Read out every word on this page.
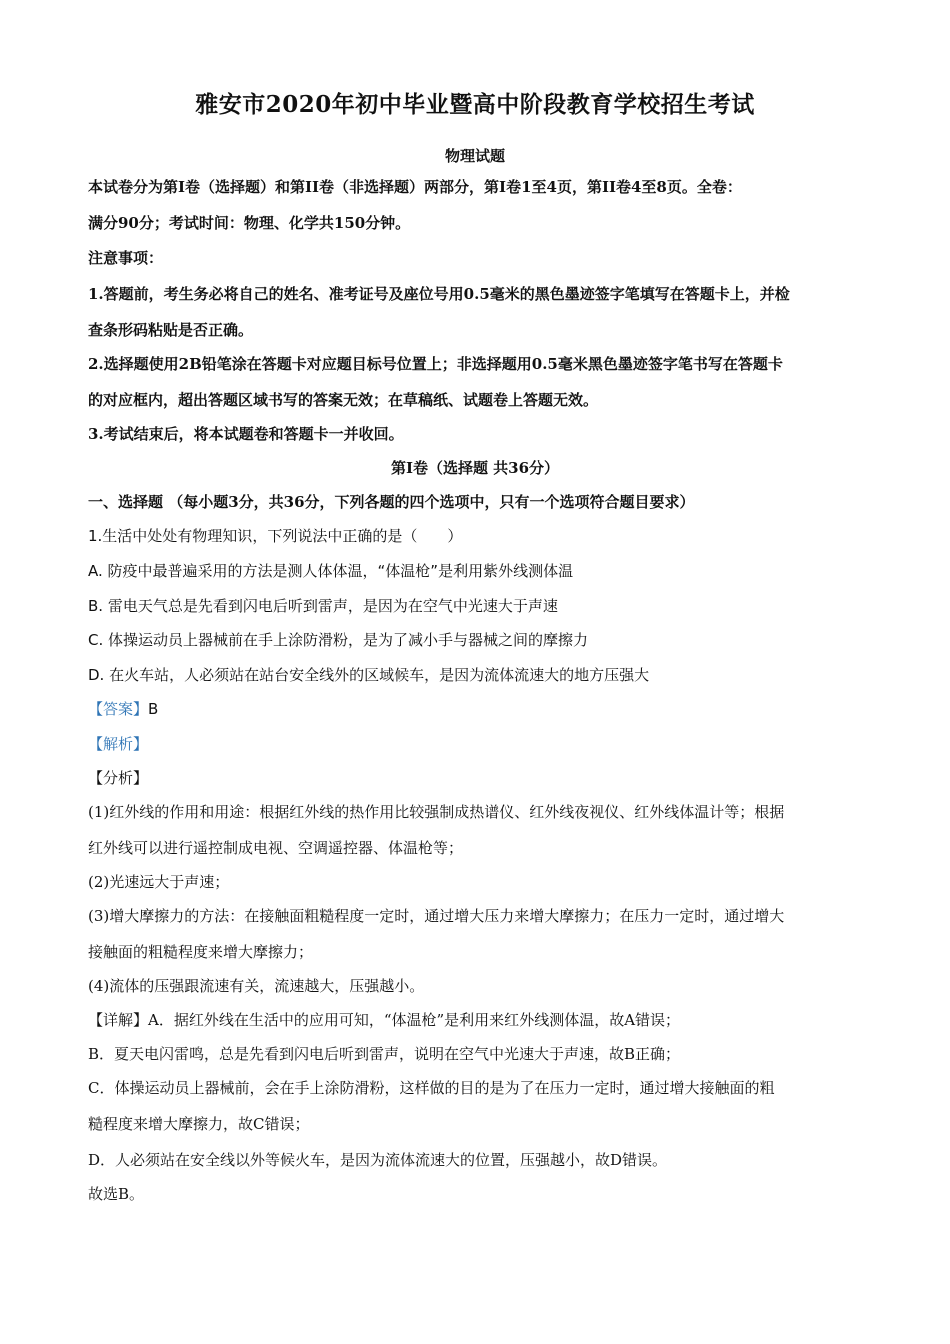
雅安市2020年初中毕业暨高中阶段教育学校招生考试
物理试题
本试卷分为第I卷（选择题）和第II卷（非选择题）两部分，第I卷1至4页，第II卷4至8页。全卷：
满分90分；考试时间：物理、化学共150分钟。
注意事项：
1.答题前，考生务必将自己的姓名、准考证号及座位号用0.5毫米的黑色墨迹签字笔填写在答题卡上，并检
查条形码粘贴是否正确。
2.选择题使用2B铅笔涂在答题卡对应题目标号位置上；非选择题用0.5毫米黑色墨迹签字笔书写在答题卡
的对应框内，超出答题区域书写的答案无效；在草稿纸、试题卷上答题无效。
3.考试结束后，将本试题卷和答题卡一并收回。
第I卷（选择题 共36分）
一、选择题 （每小题3分，共36分，下列各题的四个选项中，只有一个选项符合题目要求）
1.生活中处处有物理知识，下列说法中正确的是（　　）
A. 防疫中最普遍采用的方法是测人体体温，“体温枪”是利用紫外线测体温
B. 雷电天气总是先看到闪电后听到雷声，是因为在空气中光速大于声速
C. 体操运动员上器械前在手上涂防滑粉，是为了减小手与器械之间的摩擦力
D. 在火车站，人必须站在站台安全线外的区域候车，是因为流体流速大的地方压强大
【答案】B
【解析】
【分析】
(1)红外线的作用和用途：根据红外线的热作用比较强制成热谱仪、红外线夜视仪、红外线体温计等；根据
红外线可以进行遥控制成电视、空调遥控器、体温枪等；
(2)光速远大于声速；
(3)增大摩擦力的方法：在接触面粗糙程度一定时，通过增大压力来增大摩擦力；在压力一定时，通过增大
接触面的粗糙程度来增大摩擦力；
(4)流体的压强跟流速有关，流速越大，压强越小。
【详解】A．据红外线在生活中的应用可知，“体温枪”是利用来红外线测体温，故A错误；
B．夏天电闪雷鸣，总是先看到闪电后听到雷声，说明在空气中光速大于声速，故B正确；
C．体操运动员上器械前，会在手上涂防滑粉，这样做的目的是为了在压力一定时，通过增大接触面的粗
糙程度来增大摩擦力，故C错误；
D．人必须站在安全线以外等候火车，是因为流体流速大的位置，压强越小，故D错误。
故选B。
